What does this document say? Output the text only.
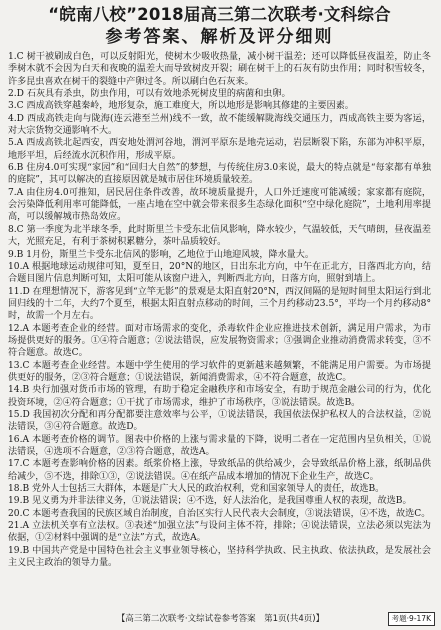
“皖南八校”2018届高三第二次联考·文科综合
参考答案、解析及评分细则

1.C 树干被刷成白色，可以反射阳光，使树木少吸收热量，减小树干温差；还可以降低昼夜温差，防止冬季树木就不会因为白天和夜晚的温差大而导致树皮开裂；刷在树干上的石灰有防虫作用；同时积雪较冬，许多昆虫喜欢在树干的裂缝中产卵过冬。所以刷白色石灰来。

2.D 石灰具有杀虫，防虫作用，可以有效地杀死树皮里的病菌和虫卵。

3.C 西成高铁穿越秦岭，地形复杂，施工难度大，所以地形是影响其修建的主要因素。

4.D 西成高铁走向与陇海(连云港至兰州)线不一致，故不能缓解陇海线交通压力，西成高铁主要为客运，对大宗货物交通影响不大。

5.A 西成高铁北起西安，西安地处渭河谷地，渭河平原东是地壳运动，岩层断裂下陷，东部为冲积平原，地形平坦，后经流水沉积作用，形成平原。

6.B 住房4.0可实现“家园”和“回归大自然”的梦想，与传统住房3.0来说，最大的特点就是“每家都有单独的庭院”，其可以解决的直接原因就是城市居住环境质量较差。

7.A 由住房4.0可推知，居民居住条件改善，故环境质量提升，人口外迁速度可能减缓；家家都有庭院，会污染降低利用率可能降低，一座占地在空中就会带来很多生态绿化面积“空中绿化庭院”，土地利用率提高，可以缓解城市热岛效应。

8.C 第一季度为北半球冬季，此时斯里兰卡受东北信风影响，降水较少，气温较低，天气晴朗，昼夜温差大，光照充足，有利于茶树积累糖分，茶叶品质较好。

9.B 1月份，斯里兰卡受东北信风的影响，乙地位于山地迎风坡，降水量大。

10.A 根据地球运动规律可知，夏至日，20°N的地区，日出东北方向，中午在正北方，日落西北方向，结合题目图片信息判断可知，太阳可能从该窗户进入，判断西北方向，日落方向，照射到墙上。

11.D 在理想情况下，游客见到“立竿无影”的景观是太阳直射20°N，西汉间隔的是短时间里太阳运行到北回归线的十二年，大约7个夏至，根据太阳直射点移动的时间，三个月约移动23.5°，平均一个月约移动8°时，故需一个月左右。

12.A 本题考查企业的经营。面对市场需求的变化，杀毒软件企业应推进技术创新，满足用户需求，为市场提供更好的服务。①④符合题意；②说法错误，应发展物资需求；③强调企业推动消费需求转变，③不符合题意。故选C。

13.C 本题考查企业经营。本题中学生使用的学习软件的更新越来越频繁，不能满足用户需要。为市场提供更好的服务，②③符合题意；①说法错误，新闻消费需求，④不符合题意，故选C。

14.B 央行加强对货币市场的管理，有助于稳定金融秩序和市场安全，有助于规范金融公司的行为，优化投资环境，②④符合题意；①干扰了市场需求，维护了市场秩序，③说法错误。故选B。

15.D 我国初次分配和再分配都要注意效率与公平，①说法错误，我国依法保护私权人的合法权益，②说法错误，③④符合题意。故选D。

16.A 本题考查价格的调节。图表中价格的上涨与需求量的下降，说明二者在一定范围内呈负相关，①说法错误，④选项不合题意，②③符合题意，故选A。

17.C 本题考查影响价格的因素。纸浆价格上涨，导致纸品的供给减少，会导致纸品价格上涨，纸制品供给减少，⑤不选，排除①③，②说法错误。④在纸产品成本增加的情况下企业生产，故选C。

18.B 党外人士包括三大群体，本题是广大人民的政治权利，党和国家领导人的责任，故选B。

19.B 见义勇为并非法律义务，①说法错误；④不选，好人法治化，是我国尊重人权的表现，故选B。

20.C 本题考查我国的民族区域自治制度，自治区实行人民代表大会制度，③说法错误，④不选，故选C。

21.A 立法机关享有立法权。③表述“加强立法”与设问主体不符，排除；④说法错误，立法必须以宪法为依据，①②材料中强调的是“立法”方式，故选A。

19.B 中国共产党是中国特色社会主义事业领导核心，坚持科学执政、民主执政、依法执政，是发展社会主义民主政治的领导力量。

【高三第二次联考·文综试卷参考答案　第1页(共4页)】	考题·9-17K
